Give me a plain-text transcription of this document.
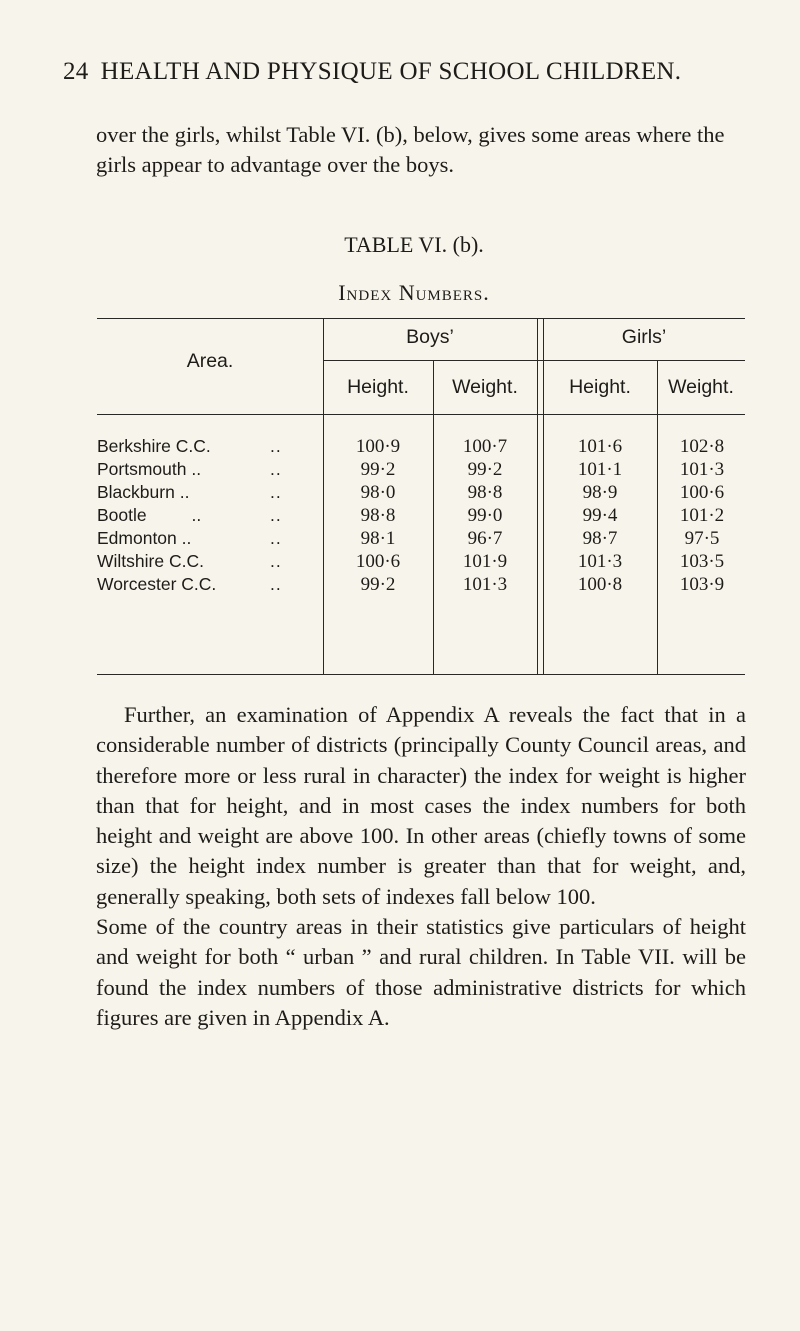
24 HEALTH AND PHYSIQUE OF SCHOOL CHILDREN.
over the girls, whilst Table VI. (b), below, gives some areas where the girls appear to advantage over the boys.
TABLE VI. (b).
Index Numbers.
Area.
Boys’	Girls’
Height.	Weight.	Height.	Weight.
Berkshire C.C.	..	100·9	100·7	101·6	102·8
Portsmouth ..	..	99·2	99·2	101·1	101·3
Blackburn ..	..	98·0	98·8	98·9	100·6
Bootle	..	..	98·8	99·0	99·4	101·2
Edmonton ..	..	98·1	96·7	98·7	97·5
Wiltshire C.C.	..	100·6	101·9	101·3	103·5
Worcester C.C.	..	99·2	101·3	100·8	103·9

Further, an examination of Appendix A reveals the fact that in a considerable number of districts (principally County Council areas, and therefore more or less rural in character) the index for weight is higher than that for height, and in most cases the index numbers for both height and weight are above 100. In other areas (chiefly towns of some size) the height index number is greater than that for weight, and, generally speaking, both sets of indexes fall below 100.

Some of the country areas in their statistics give particulars of height and weight for both “ urban ” and rural children. In Table VII. will be found the index numbers of those administrative districts for which figures are given in Appendix A.
